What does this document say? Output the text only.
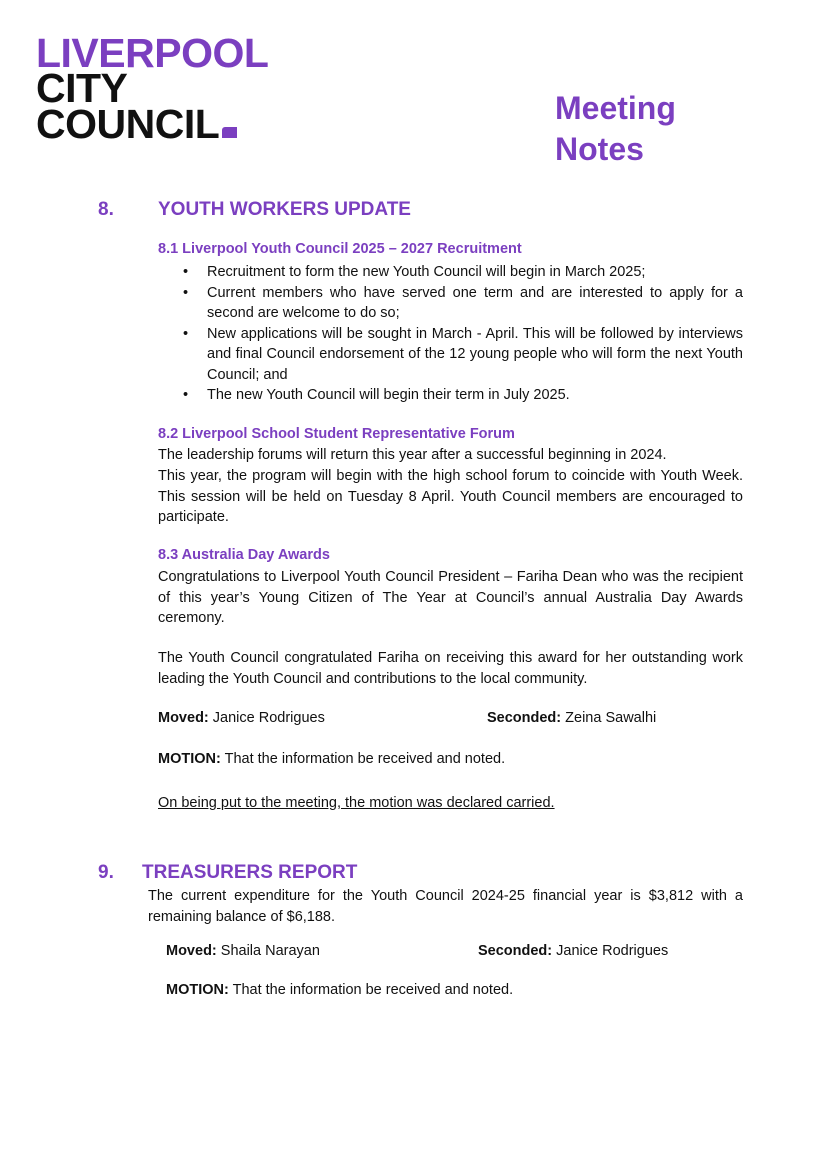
LIVERPOOL
CITY
COUNCIL	Meeting
Notes
8. YOUTH WORKERS UPDATE
8.1 Liverpool Youth Council 2025 – 2027 Recruitment
• Recruitment to form the new Youth Council will begin in March 2025;
• Current members who have served one term and are interested to apply for a second are welcome to do so;
• New applications will be sought in March - April. This will be followed by interviews and final Council endorsement of the 12 young people who will form the next Youth Council; and
• The new Youth Council will begin their term in July 2025.
8.2 Liverpool School Student Representative Forum
The leadership forums will return this year after a successful beginning in 2024.
This year, the program will begin with the high school forum to coincide with Youth Week. This session will be held on Tuesday 8 April. Youth Council members are encouraged to participate.
8.3 Australia Day Awards
Congratulations to Liverpool Youth Council President – Fariha Dean who was the recipient of this year’s Young Citizen of The Year at Council’s annual Australia Day Awards ceremony.
The Youth Council congratulated Fariha on receiving this award for her outstanding work leading the Youth Council and contributions to the local community.
Moved: Janice Rodrigues	Seconded: Zeina Sawalhi
MOTION: That the information be received and noted.
On being put to the meeting, the motion was declared carried.
9. TREASURERS REPORT
The current expenditure for the Youth Council 2024-25 financial year is $3,812 with a remaining balance of $6,188.
Moved: Shaila Narayan	Seconded: Janice Rodrigues
MOTION: That the information be received and noted.
